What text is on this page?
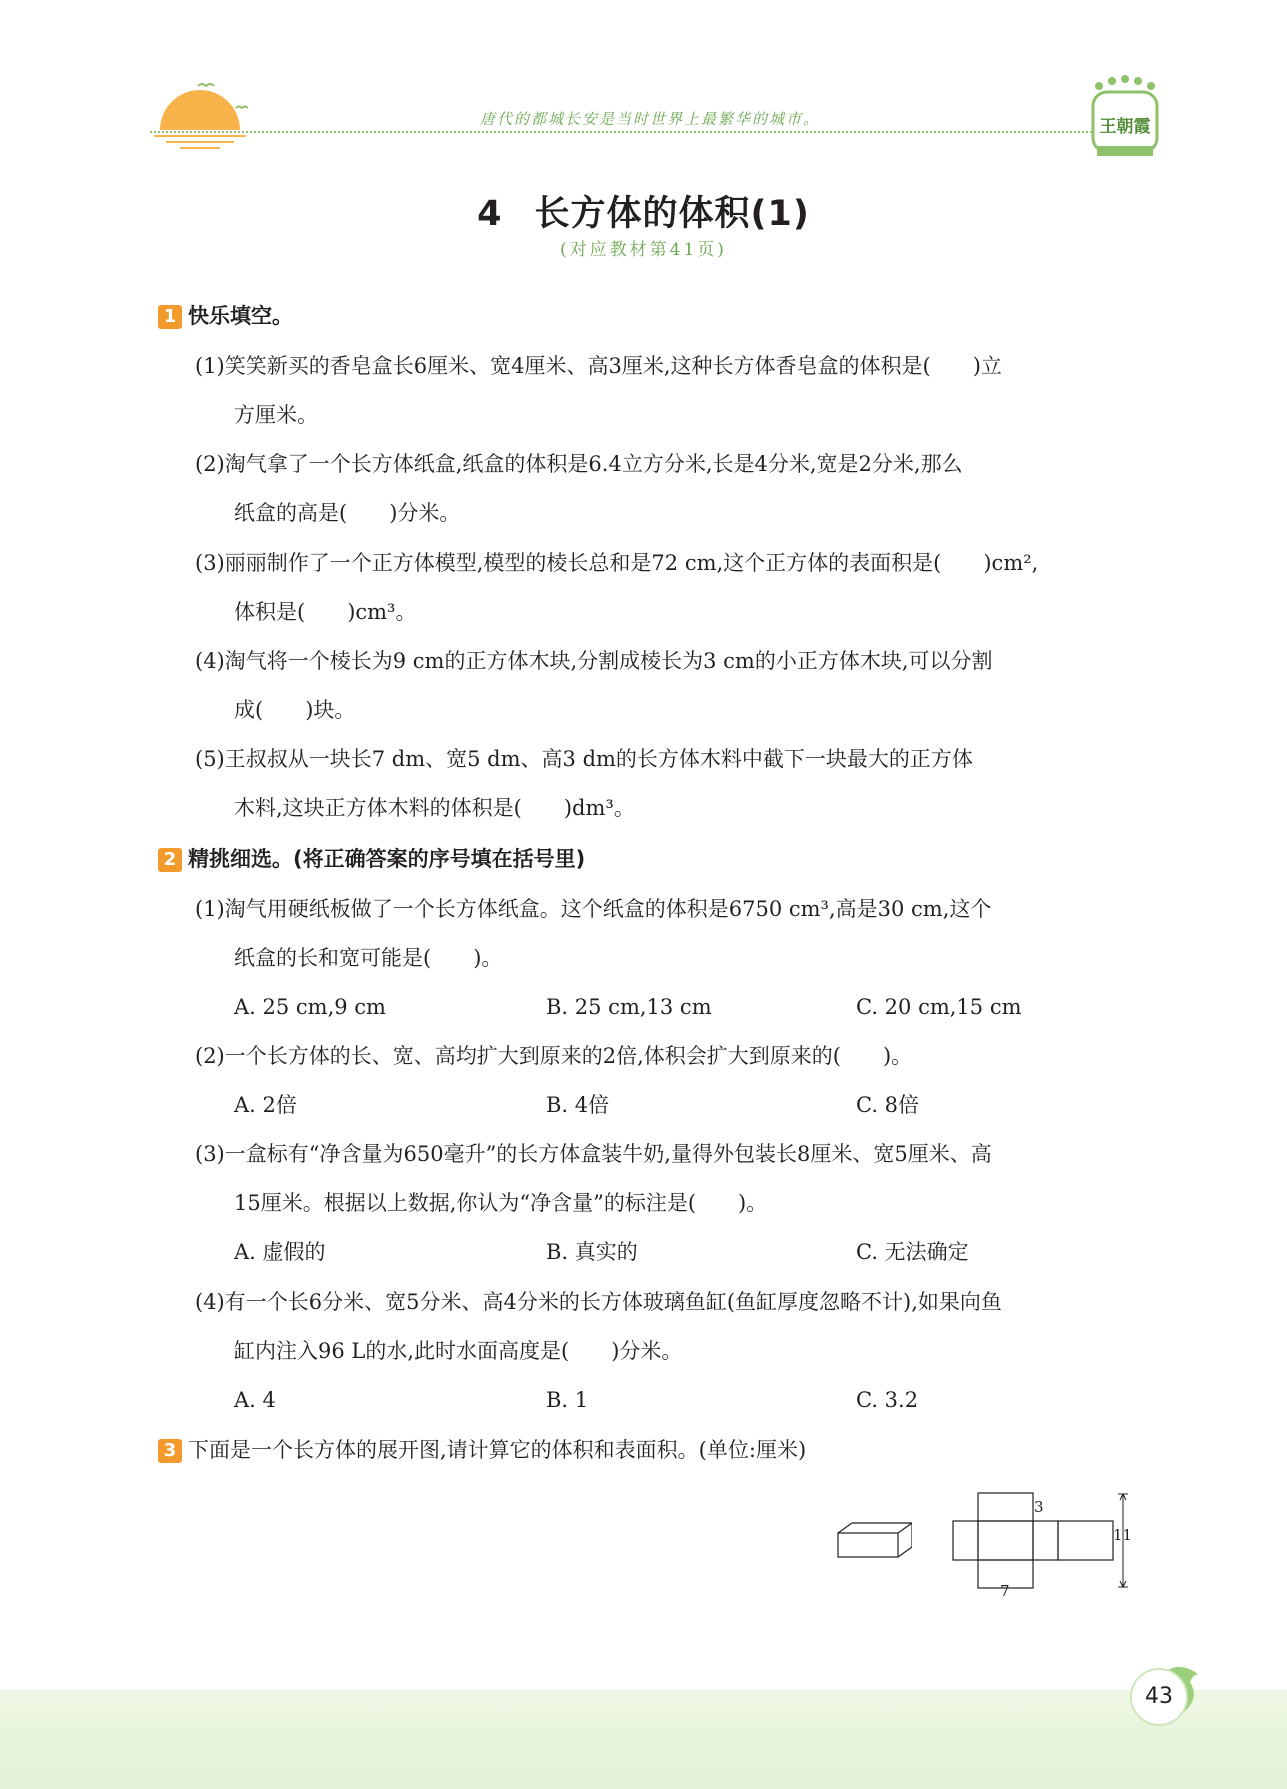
唐代的都城长安是当时世界上最繁华的城市。	王朝霞
4 长方体的体积(1)
(对应教材第41页)
1 快乐填空。
(1)笑笑新买的香皂盒长6厘米、宽4厘米、高3厘米,这种长方体香皂盒的体积是(　　)立
方厘米。
(2)淘气拿了一个长方体纸盒,纸盒的体积是6.4立方分米,长是4分米,宽是2分米,那么
纸盒的高是(　　)分米。
(3)丽丽制作了一个正方体模型,模型的棱长总和是72 cm,这个正方体的表面积是(　　)cm²,
体积是(　　)cm³。
(4)淘气将一个棱长为9 cm的正方体木块,分割成棱长为3 cm的小正方体木块,可以分割
成(　　)块。
(5)王叔叔从一块长7 dm、宽5 dm、高3 dm的长方体木料中截下一块最大的正方体
木料,这块正方体木料的体积是(　　)dm³。
2 精挑细选。(将正确答案的序号填在括号里)
(1)淘气用硬纸板做了一个长方体纸盒。这个纸盒的体积是6750 cm³,高是30 cm,这个
纸盒的长和宽可能是(　　)。
A. 25 cm,9 cm	B. 25 cm,13 cm	C. 20 cm,15 cm
(2)一个长方体的长、宽、高均扩大到原来的2倍,体积会扩大到原来的(　　)。
A. 2倍	B. 4倍	C. 8倍
(3)一盒标有“净含量为650毫升”的长方体盒装牛奶,量得外包装长8厘米、宽5厘米、高
15厘米。根据以上数据,你认为“净含量”的标注是(　　)。
A. 虚假的	B. 真实的	C. 无法确定
(4)有一个长6分米、宽5分米、高4分米的长方体玻璃鱼缸(鱼缸厚度忽略不计),如果向鱼
缸内注入96 L的水,此时水面高度是(　　)分米。
A. 4	B. 1	C. 3.2
3 下面是一个长方体的展开图,请计算它的体积和表面积。(单位:厘米)
3
11
7
43
